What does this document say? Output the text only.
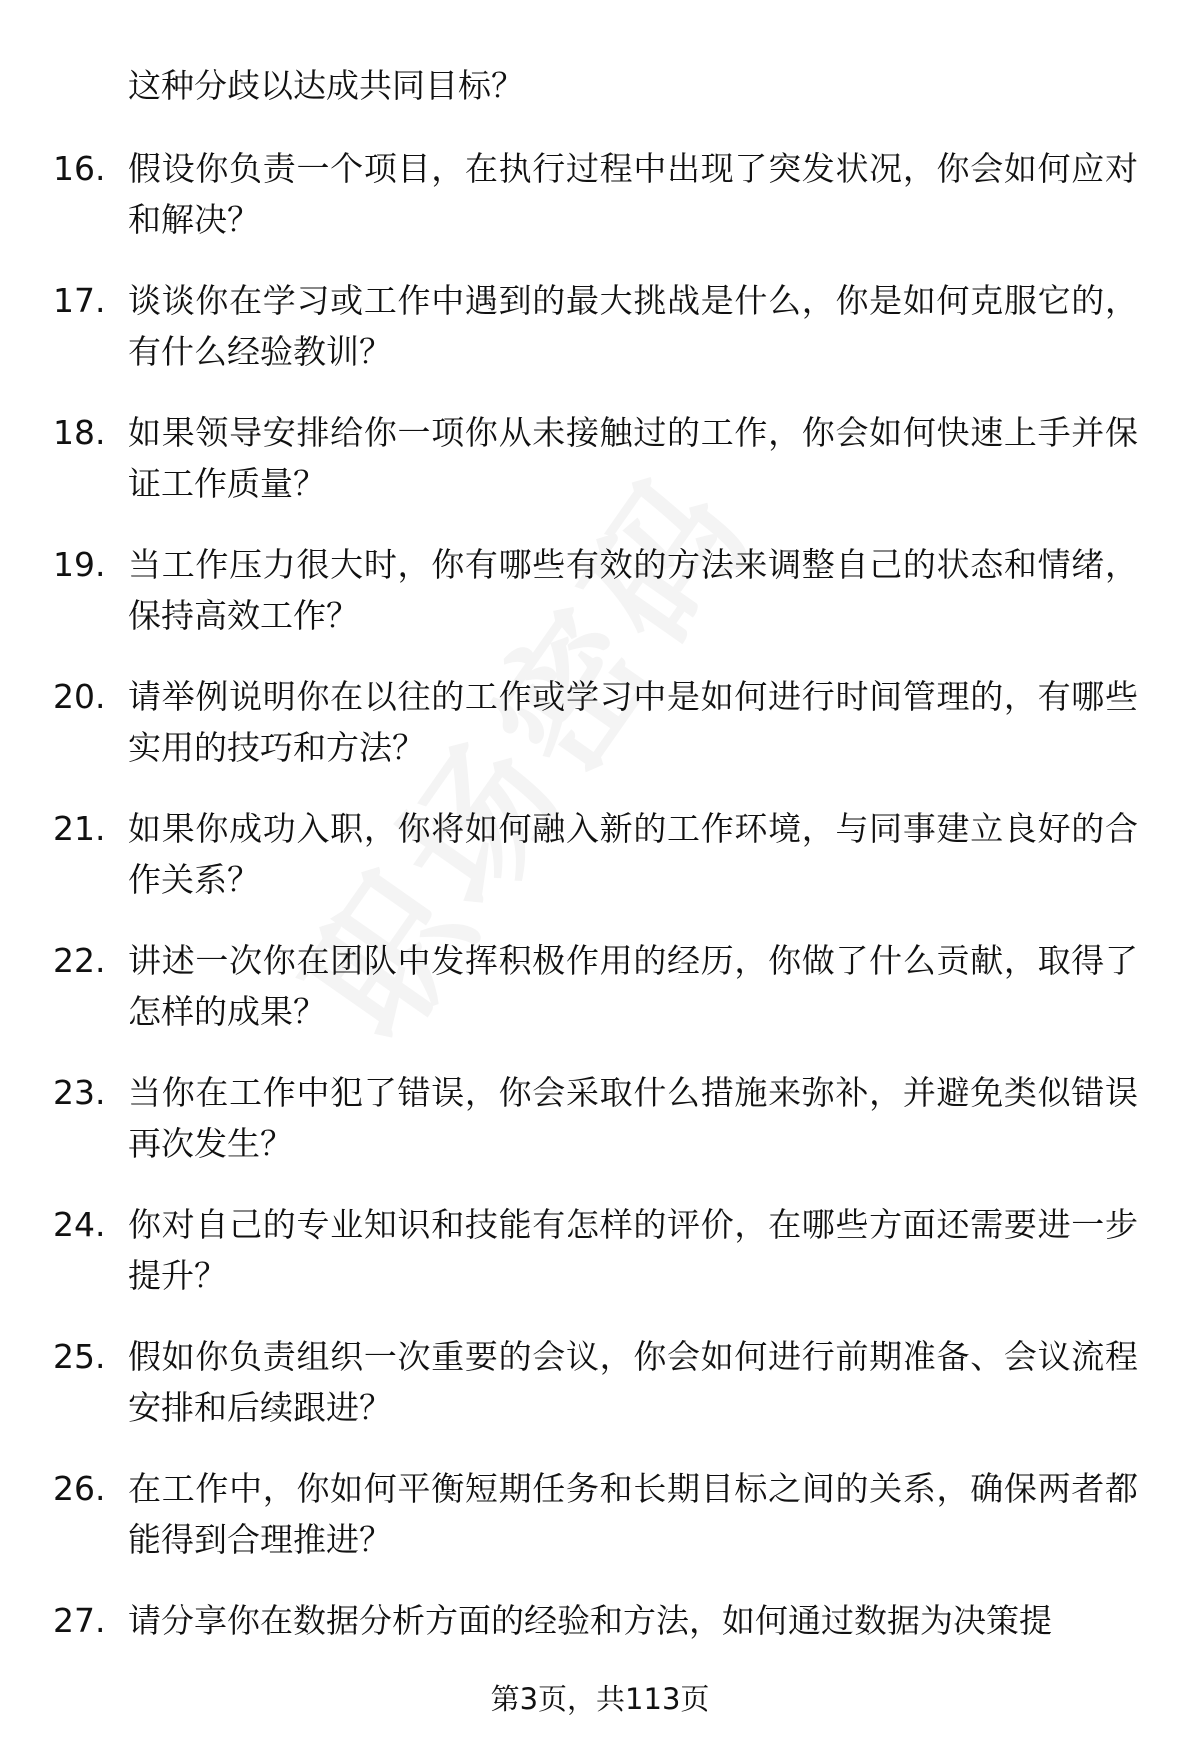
这种分歧以达成共同目标？

16. 假设你负责一个项目，在执行过程中出现了突发状况，你会如何应对和解决？

17. 谈谈你在学习或工作中遇到的最大挑战是什么，你是如何克服它的，有什么经验教训？

18. 如果领导安排给你一项你从未接触过的工作，你会如何快速上手并保证工作质量？

19. 当工作压力很大时，你有哪些有效的方法来调整自己的状态和情绪，保持高效工作？

20. 请举例说明你在以往的工作或学习中是如何进行时间管理的，有哪些实用的技巧和方法？

21. 如果你成功入职，你将如何融入新的工作环境，与同事建立良好的合作关系？

22. 讲述一次你在团队中发挥积极作用的经历，你做了什么贡献，取得了怎样的成果？

23. 当你在工作中犯了错误，你会采取什么措施来弥补，并避免类似错误再次发生？

24. 你对自己的专业知识和技能有怎样的评价，在哪些方面还需要进一步提升？

25. 假如你负责组织一次重要的会议，你会如何进行前期准备、会议流程安排和后续跟进？

26. 在工作中，你如何平衡短期任务和长期目标之间的关系，确保两者都能得到合理推进？

27. 请分享你在数据分析方面的经验和方法，如何通过数据为决策提

第3页，共113页
